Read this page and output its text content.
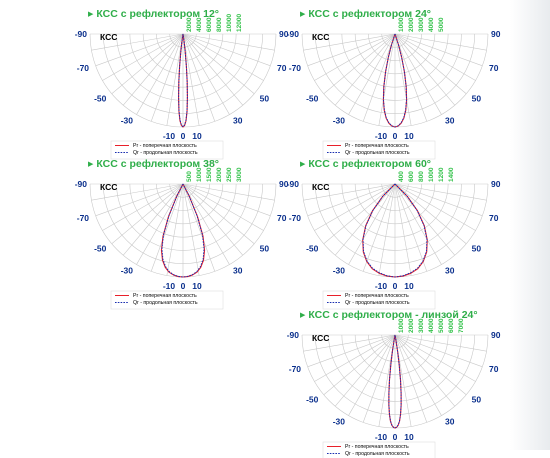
▶ КСС с рефлектором 12°
-90
-70
-50
-30
-10 0 10
30
50
70
90
2000 4000 6000 8000 10000 12000
КСС
Pr - поперечная плоскость
Qr - продольная плоскость
▶ КСС с рефлектором 24°
-90
-70
-50
-30
-10 0 10
30
50
70
90
1000 2000 3000 4000 5000
КСС
Pr - поперечная плоскость
Qr - продольная плоскость
▶ КСС с рефлектором 38°
-90
-70
-50
-30
-10 0 10
30
50
70
90
500 1000 1500 2000 2500 3000
КСС
Pr - поперечная плоскость
Qr - продольная плоскость
▶ КСС с рефлектором 60°
-90
-70
-50
-30
-10 0 10
30
50
70
90
400 600 800 1000 1200 1400
КСС
Pr - поперечная плоскость
Qr - продольная плоскость
▶ КСС с рефлектором - линзой 24°
-90
-70
-50
-30
-10 0 10
30
50
70
90
1000 2000 3000 4000 5000 6000 7000
КСС
Pr - поперечная плоскость
Qr - продольная плоскость
